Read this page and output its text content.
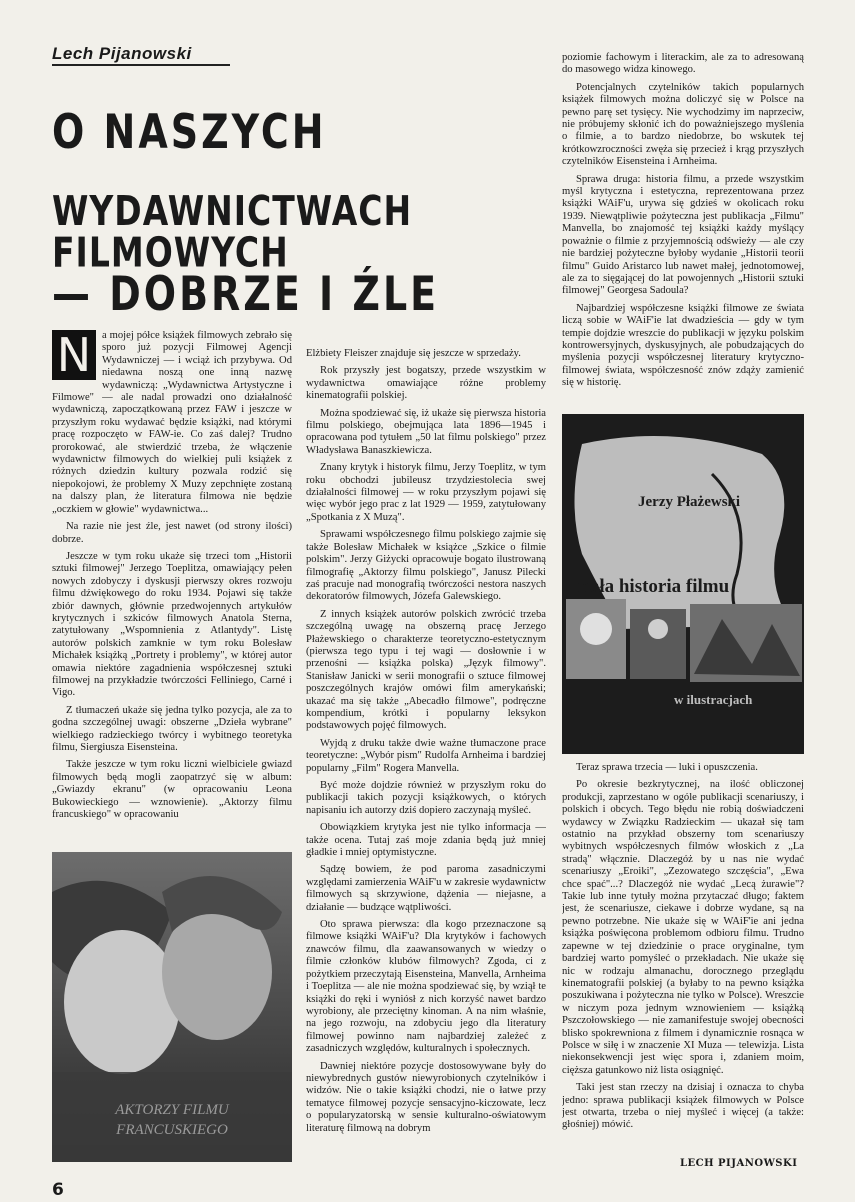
Lech Pijanowski
O NASZYCH
WYDAWNICTWACH FILMOWYCH
— DOBRZE I ŹLE

N	a mojej półce książek filmowych zebrało się sporo już pozycji Filmowej Agencji Wydawniczej — i wciąż ich przybywa. Od niedawna noszą one inną nazwę wydawniczą: „Wydawnictwa Artystyczne i Filmowe" — ale nadal prowadzi ono działalność wydawniczą, zapoczątkowaną przez FAW i jeszcze w przyszłym roku wydawać będzie książki, nad którymi pracę rozpoczęto w FAW-ie. Co zaś dalej? Trudno prorokować, ale stwierdzić trzeba, że włączenie wydawnictw filmowych do wielkiej puli książek z różnych dziedzin kultury pozwala rodzić się niepokojowi, że problemy X Muzy zepchnięte zostaną na dalszy plan, że literatura filmowa nie będzie „oczkiem w głowie" wydawnictwa...

Na razie nie jest źle, jest nawet (od strony ilości) dobrze.

Jeszcze w tym roku ukaże się trzeci tom „Historii sztuki filmowej" Jerzego Toeplitza, omawiający pełen nowych zdobyczy i dyskusji pierwszy okres rozwoju filmu dźwiękowego do roku 1934. Pojawi się także zbiór dawnych, głównie przedwojennych artykułów krytycznych i szkiców filmowych Anatola Sterna, zatytułowany „Wspomnienia z Atlantydy". Listę autorów polskich zamknie w tym roku Bolesław Michałek książką „Portrety i problemy", w której autor omawia niektóre zagadnienia współczesnej sztuki filmowej na przykładzie twórczości Felliniego, Carné i Vigo.

Z tłumaczeń ukaże się jedna tylko pozycja, ale za to godna szczególnej uwagi: obszerne „Dzieła wybrane" wielkiego radzieckiego twórcy i wybitnego teoretyka filmu, Siergiusza Eisensteina.

Także jeszcze w tym roku liczni wielbiciele gwiazd filmowych będą mogli zaopatrzyć się w album: „Gwiazdy ekranu" (w opracowaniu Leona Bukowieckiego — wznowienie). „Aktorzy filmu francuskiego" w opracowaniu

Elżbiety Fleiszer znajduje się jeszcze w sprzedaży.

Rok przyszły jest bogatszy, przede wszystkim w wydawnictwa omawiające różne problemy kinematografii polskiej.

Można spodziewać się, iż ukaże się pierwsza historia filmu polskiego, obejmująca lata 1896—1945 i opracowana pod tytułem „50 lat filmu polskiego" przez Władysława Banaszkiewicza.

Znany krytyk i historyk filmu, Jerzy Toeplitz, w tym roku obchodzi jubileusz trzydziestolecia swej działalności filmowej — w roku przyszłym pojawi się więc wybór jego prac z lat 1929 — 1959, zatytułowany „Spotkania z X Muzą".

Sprawami współczesnego filmu polskiego zajmie się także Bolesław Michałek w książce „Szkice o filmie polskim". Jerzy Giżycki opracowuje bogato ilustrowaną filmografię „Aktorzy filmu polskiego", Janusz Pilecki zaś pracuje nad monografią twórczości nestora naszych dekoratorów filmowych, Józefa Galewskiego.

Z innych książek autorów polskich zwrócić trzeba szczególną uwagę na obszerną pracę Jerzego Płażewskiego o charakterze teoretyczno-estetycznym (pierwsza tego typu i tej wagi — dosłownie i w przenośni — książka polska) „Język filmowy". Stanisław Janicki w serii monografii o sztuce filmowej poszczególnych krajów omówi film amerykański; ukazać ma się także „Abecadło filmowe", podręczne kompendium, krótki i popularny leksykon podstawowych pojęć filmowych.

Wyjdą z druku także dwie ważne tłumaczone prace teoretyczne: „Wybór pism" Rudolfa Arnheima i bardziej popularny „Film" Rogera Manvella.

Być może dojdzie również w przyszłym roku do publikacji takich pozycji książkowych, o których napisaniu ich autorzy dziś dopiero zaczynają myśleć.

Obowiązkiem krytyka jest nie tylko informacja — także ocena. Tutaj zaś moje zdania będą już mniej gładkie i mniej optymistyczne.

Sądzę bowiem, że pod paroma zasadniczymi względami zamierzenia WAiF'u w zakresie wydawnictw filmowych są skrzywione, dążenia — niejasne, a działanie — budzące wątpliwości.

Oto sprawa pierwsza: dla kogo przeznaczone są filmowe książki WAiF'u? Dla krytyków i fachowych znawców filmu, dla zaawansowanych w wiedzy o filmie członków klubów filmowych? Zgoda, ci z pożytkiem przeczytają Eisensteina, Manvella, Arnheima i Toeplitza — ale nie można spodziewać się, by wziął te książki do ręki i wyniósł z nich korzyść nawet bardzo wyrobiony, ale przeciętny kinoman. A na nim właśnie, na jego rozwoju, na zdobyciu jego dla literatury filmowej powinno nam najbardziej zależeć z zasadniczych względów, kulturalnych i społecznych.

Dawniej niektóre pozycje dostosowywane były do niewybrednych gustów niewyrobionych czytelników i widzów. Nie o takie książki chodzi, nie o łatwe przy tematyce filmowej pozycje sensacyjno-kiczowate, lecz o popularyzatorską w sensie kulturalno-oświatowym literaturę filmową na dobrym

poziomie fachowym i literackim, ale za to adresowaną do masowego widza kinowego.

Potencjalnych czytelników takich popularnych książek filmowych można doliczyć się w Polsce na pewno parę set tysięcy. Nie wychodzimy im naprzeciw, nie próbujemy skłonić ich do poważniejszego myślenia o filmie, a to bardzo niedobrze, bo wskutek tej krótkowzroczności zwęża się przecież i krąg przyszłych czytelników Eisensteina i Arnheima.

Sprawa druga: historia filmu, a przede wszystkim myśl krytyczna i estetyczna, reprezentowana przez książki WAiF'u, urywa się gdzieś w okolicach roku 1939. Niewątpliwie pożyteczna jest publikacja „Filmu" Manvella, bo znajomość tej książki każdy myślący poważnie o filmie z przyjemnością odświeży — ale czy nie bardziej pożyteczne byłoby wydanie „Historii teorii filmu" Guido Aristarco lub nawet małej, jednotomowej, ale za to sięgającej do lat powojennych „Historii sztuki filmowej" Georgesa Sadoula?

Najbardziej współczesne książki filmowe ze świata liczą sobie w WAiF'ie lat dwadzieścia — gdy w tym tempie dojdzie wreszcie do publikacji w języku polskim kontrowersyjnych, dyskusyjnych, ale pobudzających do myślenia pozycji współczesnej literatury krytyczno-filmowej świata, współczesność znów zdąży zamienić się w historię.

Jerzy Płażewski
mała historia filmu
w ilustracjach

Teraz sprawa trzecia — luki i opuszczenia.

Po okresie bezkrytycznej, na ilość obliczonej produkcji, zaprzestano w ogóle publikacji scenariuszy, i polskich i obcych. Tego błędu nie robią doświadczeni wydawcy w Związku Radzieckim — ukazał się tam ostatnio na przykład obszerny tom scenariuszy wybitnych współczesnych filmów włoskich z „La stradą" włącznie. Dlaczegóż by u nas nie wydać scenariuszy „Eroiki", „Zezowatego szczęścia", „Ewa chce spać"...? Dlaczegóż nie wydać „Lecą żurawie"? Takie lub inne tytuły można przytaczać długo; faktem jest, że scenariusze, ciekawe i dobrze wydane, są na pewno potrzebne. Nie ukaże się w WAiF'ie ani jedna książka poświęcona problemom odbioru filmu. Trudno zapewne w tej dziedzinie o prace oryginalne, tym bardziej warto pomyśleć o przekładach. Nie ukaże się nic w rodzaju almanachu, dorocznego przeglądu kinematografii polskiej (a byłaby to na pewno książka poszukiwana i pożyteczna nie tylko w Polsce). Wreszcie w niczym poza jednym wznowieniem — książką Pszczołowskiego — nie zamanifestuje swojej obecności blisko spokrewniona z filmem i dynamicznie rosnąca w Polsce w siłę i w znaczenie XI Muza — telewizja. Lista niekonsekwencji jest więc spora i, zdaniem moim, cięższa gatunkowo niż lista osiągnięć.

Taki jest stan rzeczy na dzisiaj i oznacza to chyba jedno: sprawa publikacji książek filmowych w Polsce jest otwarta, trzeba o niej myśleć i więcej (a także: głośniej) mówić.

AKTORZY FILMU
FRANCUSKIEGO
LECH PIJANOWSKI
6
